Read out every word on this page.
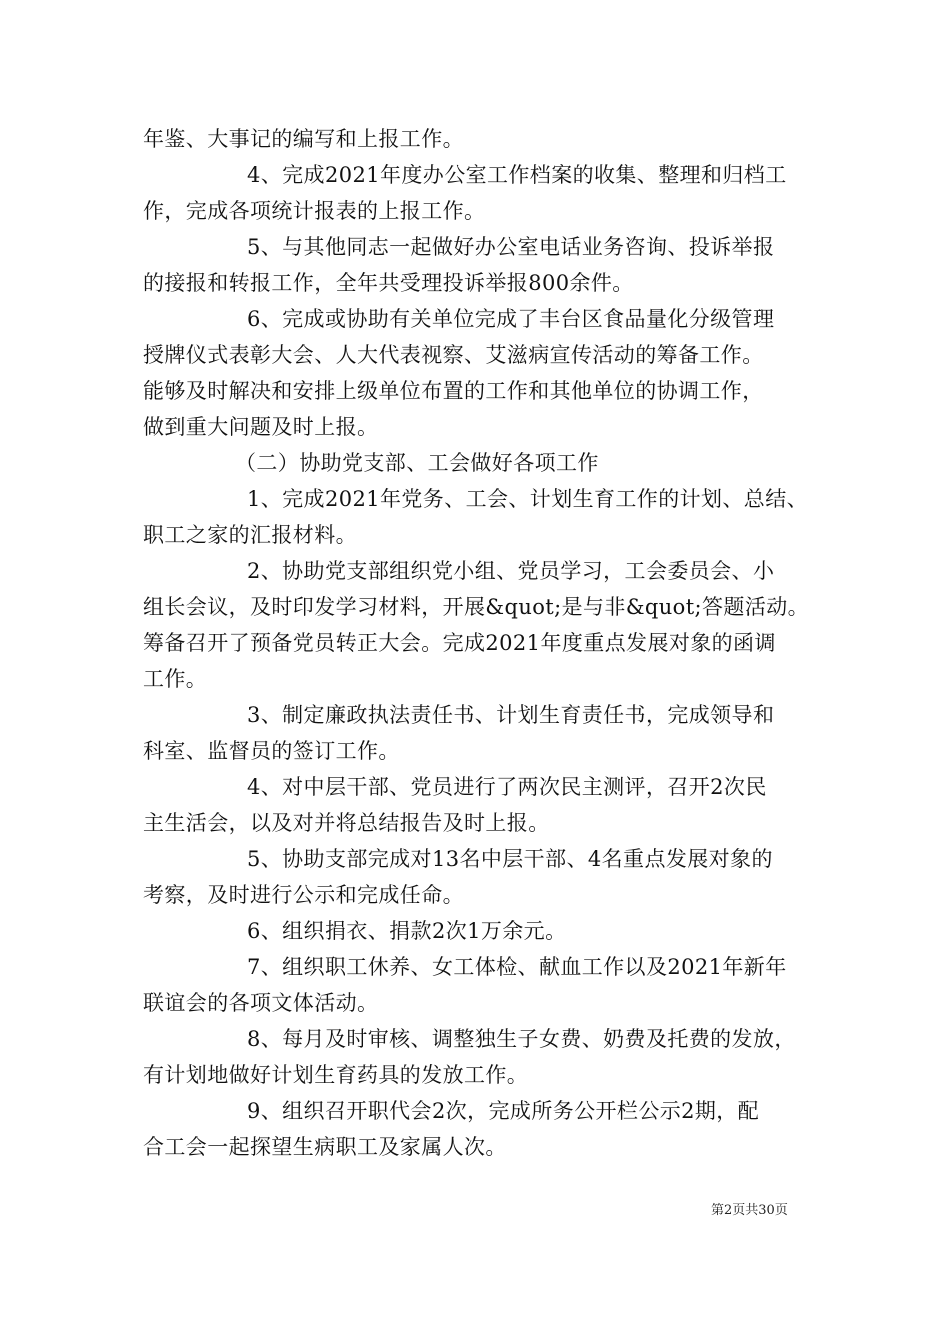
年鉴、大事记的编写和上报工作。
4、完成2021年度办公室工作档案的收集、整理和归档工
作，完成各项统计报表的上报工作。
5、与其他同志一起做好办公室电话业务咨询、投诉举报
的接报和转报工作，全年共受理投诉举报800余件。
6、完成或协助有关单位完成了丰台区食品量化分级管理
授牌仪式表彰大会、人大代表视察、艾滋病宣传活动的筹备工作。
能够及时解决和安排上级单位布置的工作和其他单位的协调工作，
做到重大问题及时上报。
（二）协助党支部、工会做好各项工作
1、完成2021年党务、工会、计划生育工作的计划、总结、
职工之家的汇报材料。
2、协助党支部组织党小组、党员学习，工会委员会、小
组长会议，及时印发学习材料，开展&quot;是与非&quot;答题活动。
筹备召开了预备党员转正大会。完成2021年度重点发展对象的函调
工作。
3、制定廉政执法责任书、计划生育责任书，完成领导和
科室、监督员的签订工作。
4、对中层干部、党员进行了两次民主测评，召开2次民
主生活会，以及对并将总结报告及时上报。
5、协助支部完成对13名中层干部、4名重点发展对象的
考察，及时进行公示和完成任命。
6、组织捐衣、捐款2次1万余元。
7、组织职工休养、女工体检、献血工作以及2021年新年
联谊会的各项文体活动。
8、每月及时审核、调整独生子女费、奶费及托费的发放，
有计划地做好计划生育药具的发放工作。
9、组织召开职代会2次，完成所务公开栏公示2期，配
合工会一起探望生病职工及家属人次。
第2页共30页
